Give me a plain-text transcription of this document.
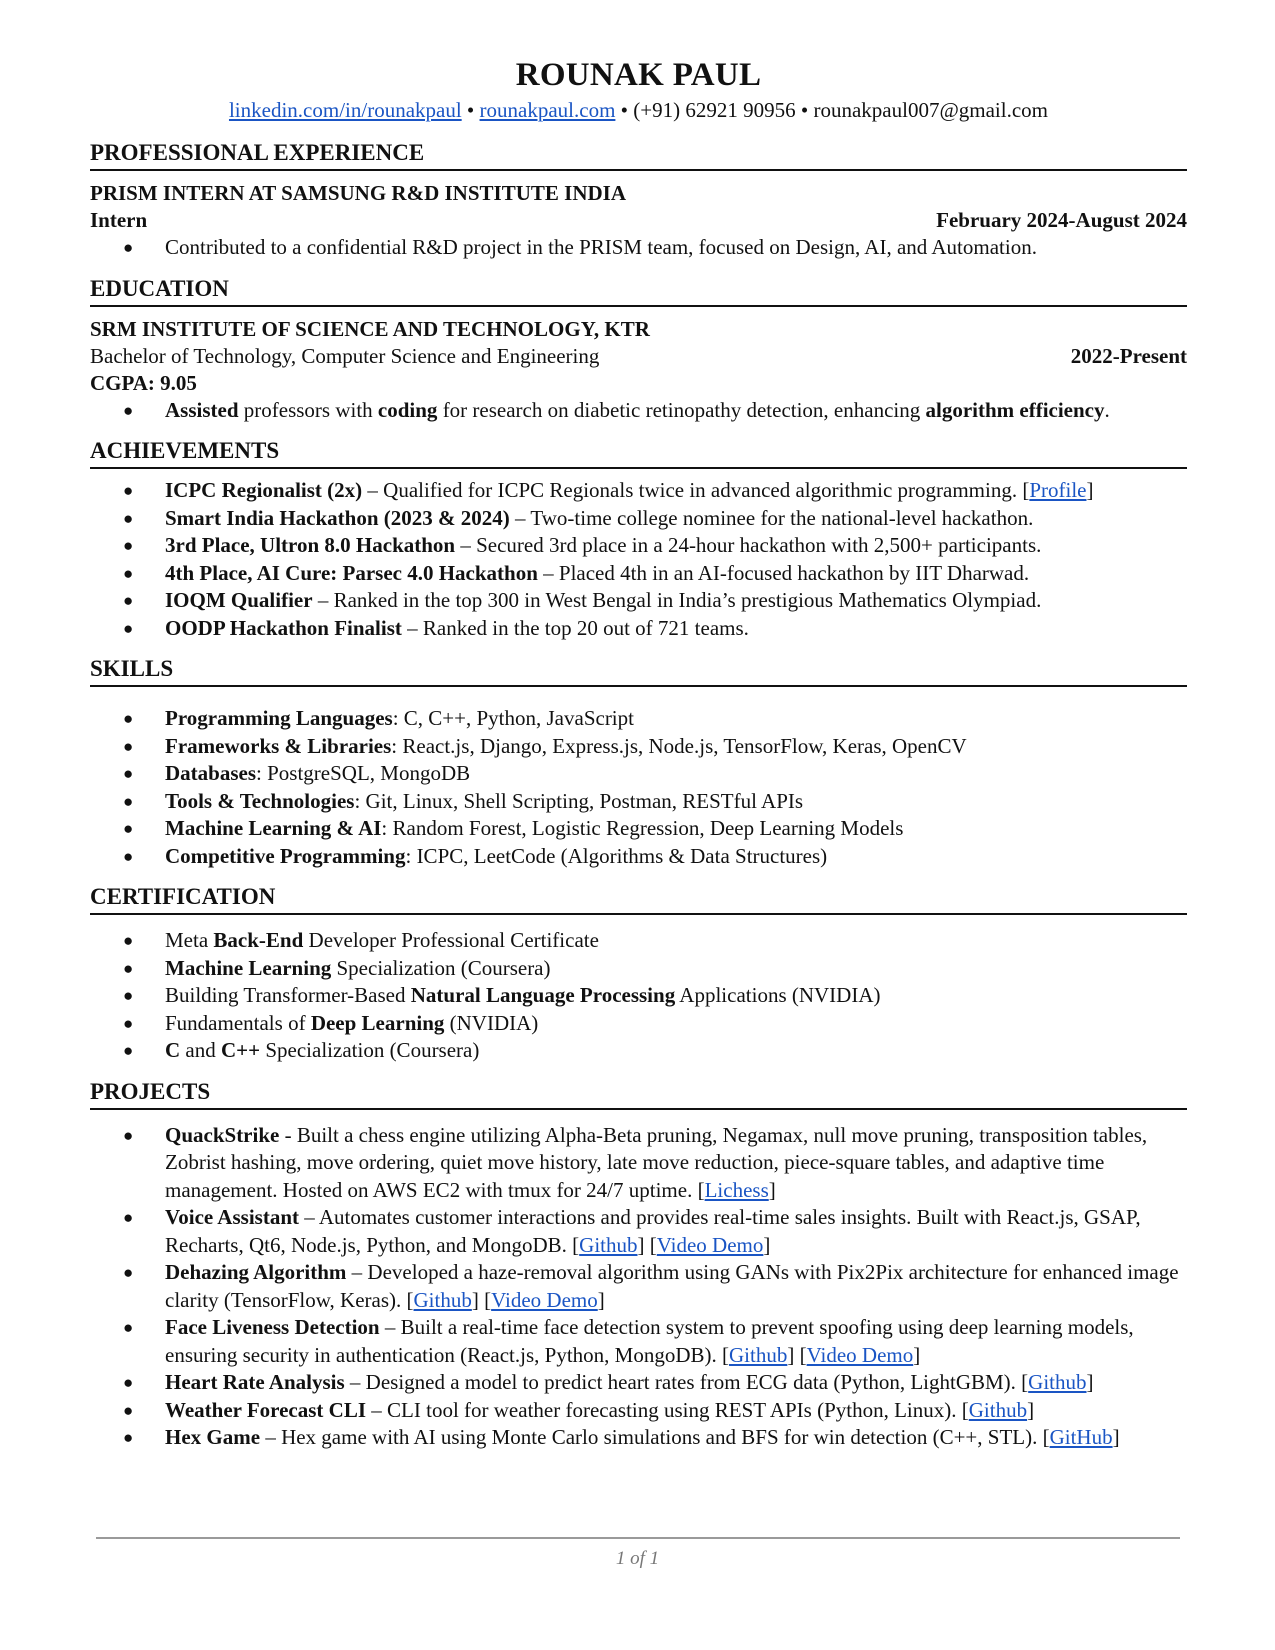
ROUNAK PAUL
linkedin.com/in/rounakpaul • rounakpaul.com • (+91) 62921 90956 • rounakpaul007@gmail.com
PROFESSIONAL EXPERIENCE
PRISM INTERN AT SAMSUNG R&D INSTITUTE INDIA
Intern	February 2024-August 2024
● Contributed to a confidential R&D project in the PRISM team, focused on Design, AI, and Automation.
EDUCATION
SRM INSTITUTE OF SCIENCE AND TECHNOLOGY, KTR
Bachelor of Technology, Computer Science and Engineering	2022-Present
CGPA: 9.05
● Assisted professors with coding for research on diabetic retinopathy detection, enhancing algorithm efficiency.
ACHIEVEMENTS
● ICPC Regionalist (2x) – Qualified for ICPC Regionals twice in advanced algorithmic programming. [Profile]
● Smart India Hackathon (2023 & 2024) – Two-time college nominee for the national-level hackathon.
● 3rd Place, Ultron 8.0 Hackathon – Secured 3rd place in a 24-hour hackathon with 2,500+ participants.
● 4th Place, AI Cure: Parsec 4.0 Hackathon – Placed 4th in an AI-focused hackathon by IIT Dharwad.
● IOQM Qualifier – Ranked in the top 300 in West Bengal in India’s prestigious Mathematics Olympiad.
● OODP Hackathon Finalist – Ranked in the top 20 out of 721 teams.
SKILLS
● Programming Languages: C, C++, Python, JavaScript
● Frameworks & Libraries: React.js, Django, Express.js, Node.js, TensorFlow, Keras, OpenCV
● Databases: PostgreSQL, MongoDB
● Tools & Technologies: Git, Linux, Shell Scripting, Postman, RESTful APIs
● Machine Learning & AI: Random Forest, Logistic Regression, Deep Learning Models
● Competitive Programming: ICPC, LeetCode (Algorithms & Data Structures)
CERTIFICATION
● Meta Back-End Developer Professional Certificate
● Machine Learning Specialization (Coursera)
● Building Transformer-Based Natural Language Processing Applications (NVIDIA)
● Fundamentals of Deep Learning (NVIDIA)
● C and C++ Specialization (Coursera)
PROJECTS
● QuackStrike - Built a chess engine utilizing Alpha-Beta pruning, Negamax, null move pruning, transposition tables, Zobrist hashing, move ordering, quiet move history, late move reduction, piece-square tables, and adaptive time management. Hosted on AWS EC2 with tmux for 24/7 uptime. [Lichess]
● Voice Assistant – Automates customer interactions and provides real-time sales insights. Built with React.js, GSAP, Recharts, Qt6, Node.js, Python, and MongoDB. [Github] [Video Demo]
● Dehazing Algorithm – Developed a haze-removal algorithm using GANs with Pix2Pix architecture for enhanced image clarity (TensorFlow, Keras). [Github] [Video Demo]
● Face Liveness Detection – Built a real-time face detection system to prevent spoofing using deep learning models, ensuring security in authentication (React.js, Python, MongoDB). [Github] [Video Demo]
● Heart Rate Analysis – Designed a model to predict heart rates from ECG data (Python, LightGBM). [Github]
● Weather Forecast CLI – CLI tool for weather forecasting using REST APIs (Python, Linux). [Github]
● Hex Game – Hex game with AI using Monte Carlo simulations and BFS for win detection (C++, STL). [GitHub]
1 of 1
